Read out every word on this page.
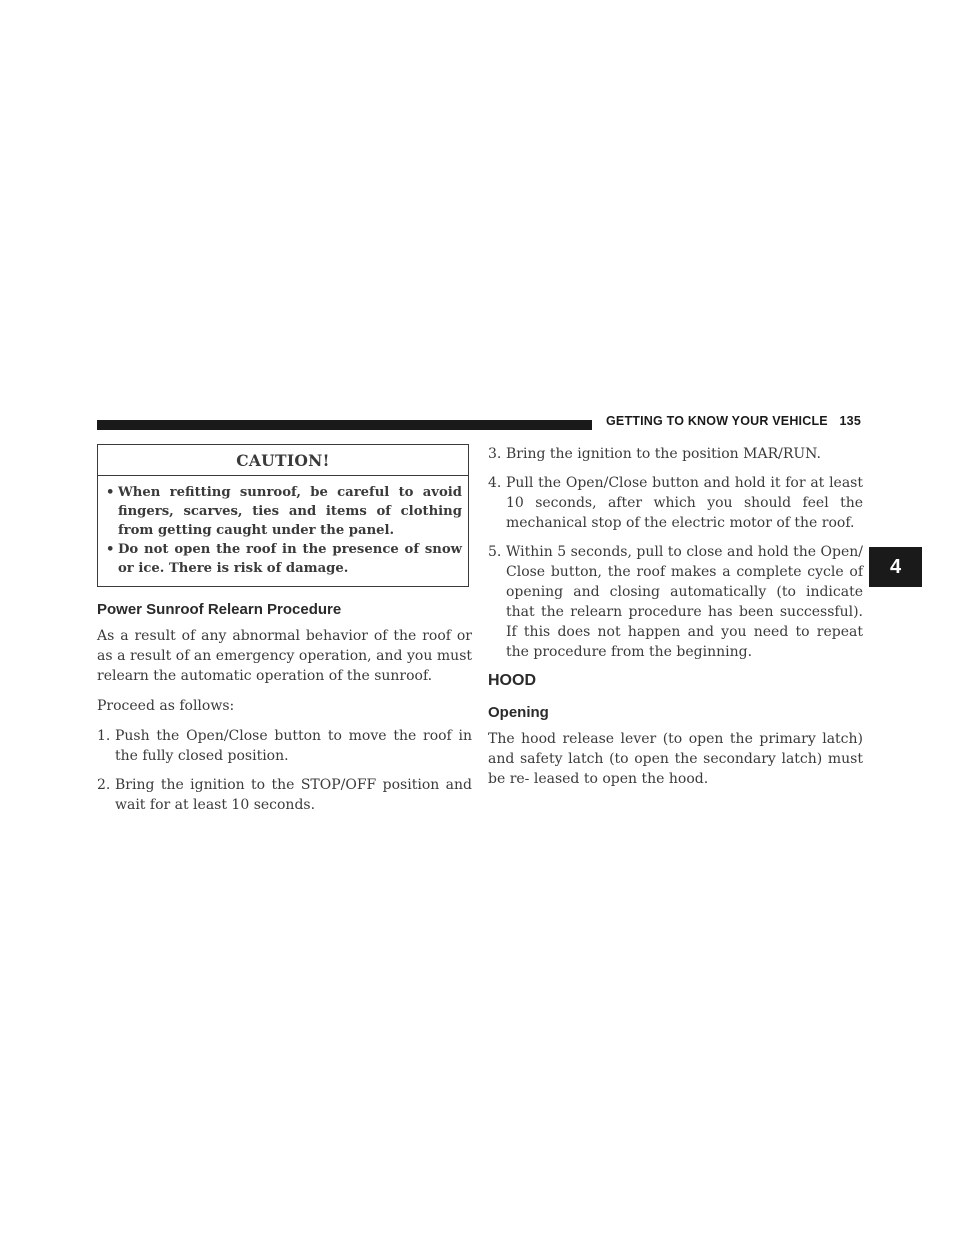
GETTING TO KNOW YOUR VEHICLE 135
4
CAUTION!
• When refitting sunroof, be careful to avoid fingers, scarves, ties and items of clothing from getting caught under the panel.
• Do not open the roof in the presence of snow or ice. There is risk of damage.
Power Sunroof Relearn Procedure

As a result of any abnormal behavior of the roof or as a result of an emergency operation, and you must relearn the automatic operation of the sunroof.

Proceed as follows:

1. Push the Open/Close button to move the roof in the fully closed position.
2. Bring the ignition to the STOP/OFF position and wait for at least 10 seconds.
3. Bring the ignition to the position MAR/RUN.
4. Pull the Open/Close button and hold it for at least 10 seconds, after which you should feel the mechanical stop of the electric motor of the roof.
5. Within 5 seconds, pull to close and hold the Open/ Close button, the roof makes a complete cycle of opening and closing automatically (to indicate that the relearn procedure has been successful). If this does not happen and you need to repeat the procedure from the beginning.
HOOD
Opening

The hood release lever (to open the primary latch) and safety latch (to open the secondary latch) must be re- leased to open the hood.
